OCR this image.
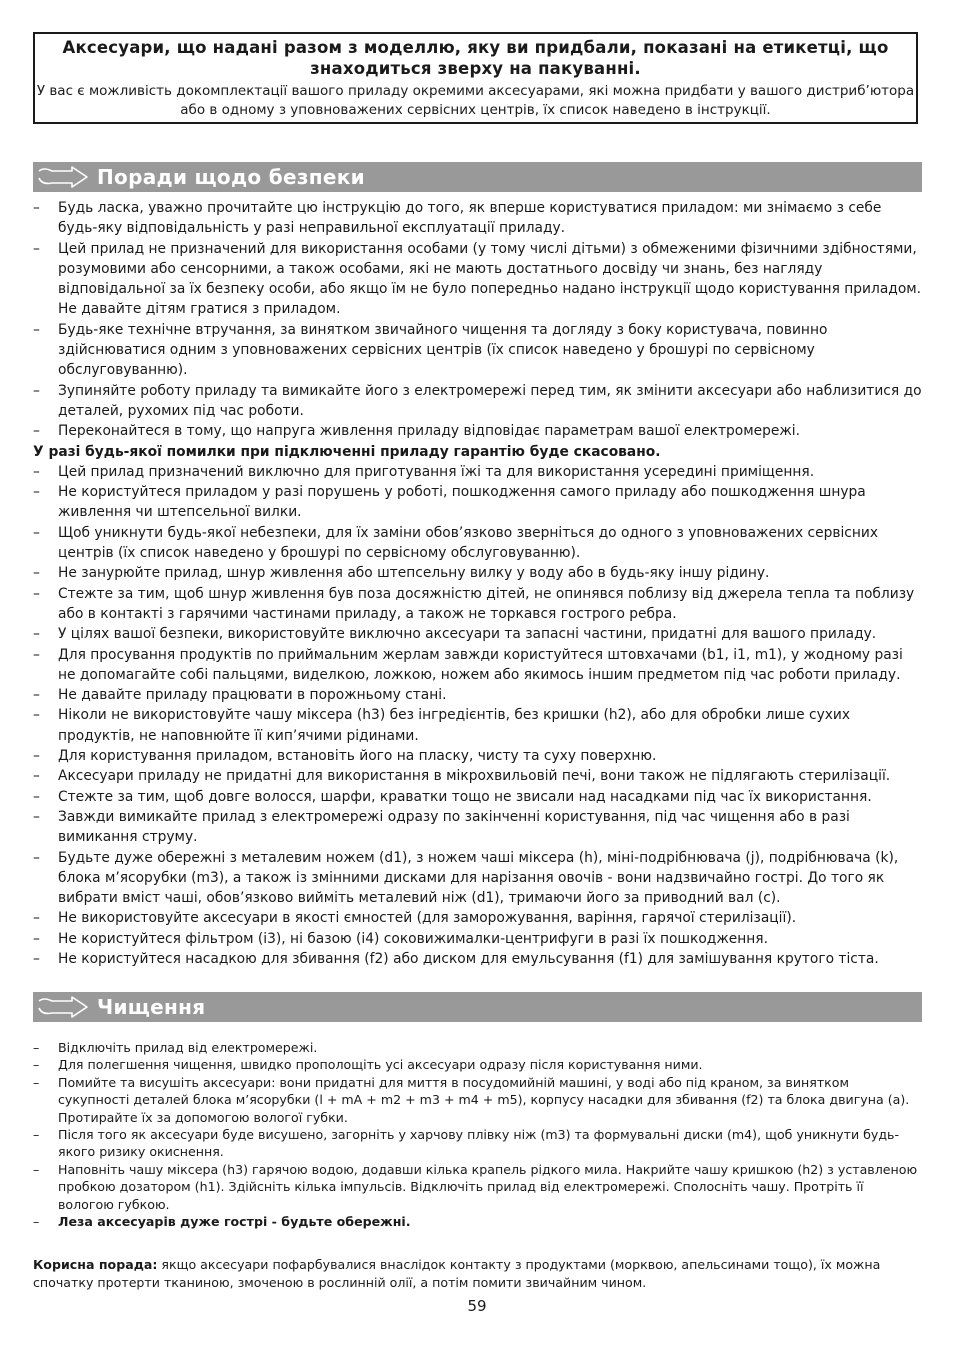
Аксесуари, що надані разом з моделлю, яку ви придбали, показані на етикетці, що знаходиться зверху на пакуванні.
У вас є можливість докомплектації вашого приладу окремими аксесуарами, які можна придбати у вашого дистриб’ютора або в одному з уповноважених сервісних центрів, їх список наведено в інструкції.
Поради щодо безпеки
– Будь ласка, уважно прочитайте цю інструкцію до того, як вперше користуватися приладом: ми знімаємо з себе будь-яку відповідальність у разі неправильної експлуатації приладу.
– Цей прилад не призначений для використання особами (у тому числі дітьми) з обмеженими фізичними здібностями, розумовими або сенсорними, а також особами, які не мають достатнього досвіду чи знань, без нагляду відповідальної за їх безпеку особи, або якщо їм не було попередньо надано інструкції щодо користування приладом. Не давайте дітям гратися з приладом.
– Будь-яке технічне втручання, за винятком звичайного чищення та догляду з боку користувача, повинно здійснюватися одним з уповноважених сервісних центрів (їх список наведено у брошурі по сервісному обслуговуванню).
– Зупиняйте роботу приладу та вимикайте його з електромережі перед тим, як змінити аксесуари або наблизитися до деталей, рухомих під час роботи.
– Переконайтеся в тому, що напруга живлення приладу відповідає параметрам вашої електромережі.
У разі будь-якої помилки при підключенні приладу гарантію буде скасовано.
– Цей прилад призначений виключно для приготування їжі та для використання усередині приміщення.
– Не користуйтеся приладом у разі порушень у роботі, пошкодження самого приладу або пошкодження шнура живлення чи штепсельної вилки.
– Щоб уникнути будь-якої небезпеки, для їх заміни обов’язково зверніться до одного з уповноважених сервісних центрів (їх список наведено у брошурі по сервісному обслуговуванню).
– Не занурюйте прилад, шнур живлення або штепсельну вилку у воду або в будь-яку іншу рідину.
– Стежте за тим, щоб шнур живлення був поза досяжністю дітей, не опинявся поблизу від джерела тепла та поблизу або в контакті з гарячими частинами приладу, а також не торкався гострого ребра.
– У цілях вашої безпеки, використовуйте виключно аксесуари та запасні частини, придатні для вашого приладу.
– Для просування продуктів по приймальним жерлам завжди користуйтеся штовхачами (b1, i1, m1), у жодному разі не допомагайте собі пальцями, виделкою, ложкою, ножем або якимось іншим предметом під час роботи приладу.
– Не давайте приладу працювати в порожньому стані.
– Ніколи не використовуйте чашу міксера (h3) без інгредієнтів, без кришки (h2), або для обробки лише сухих продуктів, не наповнюйте її кип’ячими рідинами.
– Для користування приладом, встановіть його на пласку, чисту та суху поверхню.
– Аксесуари приладу не придатні для використання в мікрохвильовій печі, вони також не підлягають стерилізації.
– Стежте за тим, щоб довге волосся, шарфи, краватки тощо не звисали над насадками під час їх використання.
– Завжди вимикайте прилад з електромережі одразу по закінченні користування, під час чищення або в разі вимикання струму.
– Будьте дуже обережні з металевим ножем (d1), з ножем чаші міксера (h), міні-подрібнювача (j), подрібнювача (k), блока м’ясорубки (m3), а також із змінними дисками для нарізання овочів - вони надзвичайно гострі. До того як вибрати вміст чаші, обов’язково вийміть металевий ніж (d1), тримаючи його за приводний вал (c).
– Не використовуйте аксесуари в якості ємностей (для заморожування, варіння, гарячої стерилізації).
– Не користуйтеся фільтром (i3), ні базою (i4) соковижималки-центрифуги в разі їх пошкодження.
– Не користуйтеся насадкою для збивання (f2) або диском для емульсування (f1) для замішування крутого тіста.
Чищення
– Відключіть прилад від електромережі.
– Для полегшення чищення, швидко прополощіть усі аксесуари одразу після користування ними.
– Помийте та висушіть аксесуари: вони придатні для миття в посудомийній машині, у воді або під краном, за винятком сукупності деталей блока м’ясорубки (l + mA + m2 + m3 + m4 + m5), корпусу насадки для збивання (f2) та блока двигуна (a). Протирайте їх за допомогою вологої губки.
– Після того як аксесуари буде висушено, загорніть у харчову плівку ніж (m3) та формувальні диски (m4), щоб уникнути будь-якого ризику окиснення.
– Наповніть чашу міксера (h3) гарячою водою, додавши кілька крапель рідкого мила. Накрийте чашу кришкою (h2) з уставленою пробкою дозатором (h1). Здійсніть кілька імпульсів. Відключіть прилад від електромережі. Сполосніть чашу. Протріть її вологою губкою.
– Леза аксесуарів дуже гострі - будьте обережні.
Корисна порада: якщо аксесуари пофарбувалися внаслідок контакту з продуктами (морквою, апельсинами тощо), їх можна спочатку протерти тканиною, змоченою в рослинній олії, а потім помити звичайним чином.
59
